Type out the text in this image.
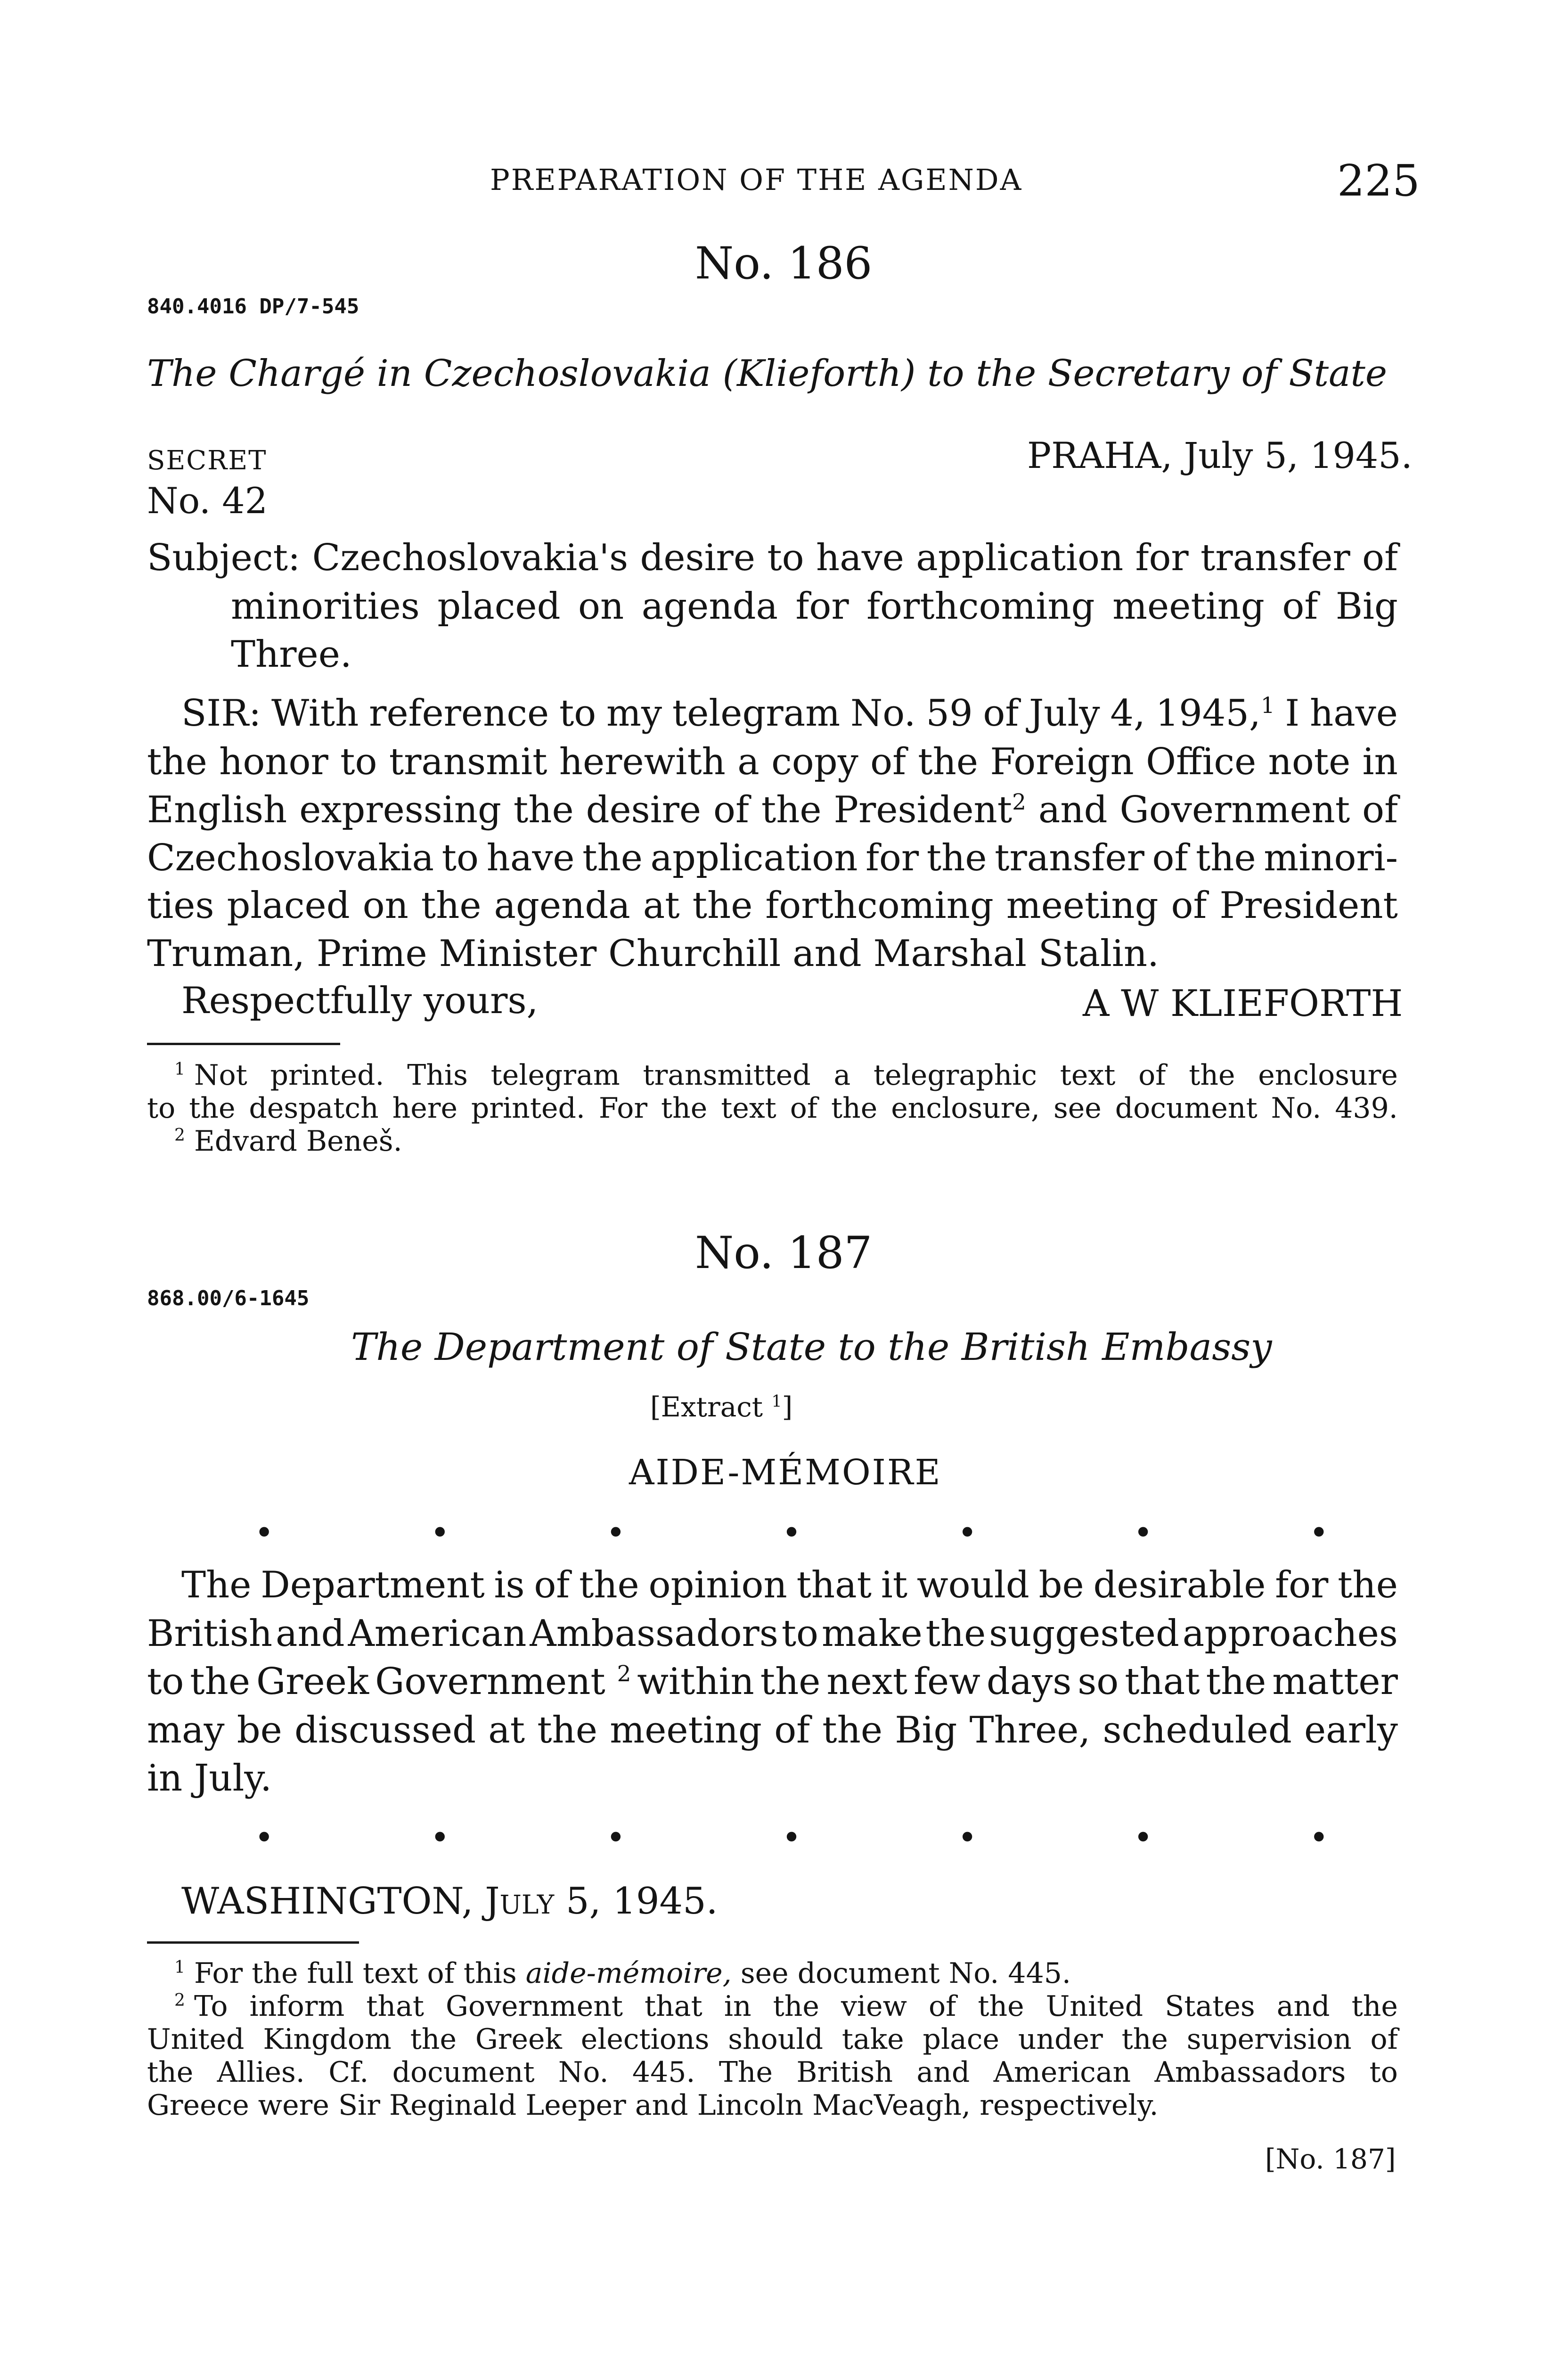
PREPARATION OF THE AGENDA	225
No. 186
840.4016 DP/7-545
The Chargé in Czechoslovakia (Klieforth) to the Secretary of State
SECRET	PRAHA, July 5, 1945.
No. 42
Subject: Czechoslovakia's desire to have application for transfer of
minorities placed on agenda for forthcoming meeting of Big
Three.
SIR: With reference to my telegram No. 59 of July 4, 1945,$^1$ I have
the honor to transmit herewith a copy of the Foreign Office note in
English expressing the desire of the President$^2$ and Government of
Czechoslovakia to have the application for the transfer of the minori-
ties placed on the agenda at the forthcoming meeting of President
Truman, Prime Minister Churchill and Marshal Stalin.
Respectfully yours,	A W KLIEFORTH
$^1$ Not printed. This telegram transmitted a telegraphic text of the enclosure
to the despatch here printed. For the text of the enclosure, see document No. 439.
$^2$ Edvard Beneš.
No. 187
868.00/6-1645
The Department of State to the British Embassy
[Extract $^1$]
AIDE-MÉMOIRE
•	•	•	•	•	•	•
The Department is of the opinion that it would be desirable for the
British and American Ambassadors to make the suggested approaches
to the Greek Government $^2$ within the next few days so that the matter
may be discussed at the meeting of the Big Three, scheduled early
in July.
•	•	•	•	•	•	•
WASHINGTON, July 5, 1945.
$^1$ For the full text of this aide-mémoire, see document No. 445.
$^2$ To inform that Government that in the view of the United States and the
United Kingdom the Greek elections should take place under the supervision of
the Allies. Cf. document No. 445. The British and American Ambassadors to
Greece were Sir Reginald Leeper and Lincoln MacVeagh, respectively.
[No. 187]
